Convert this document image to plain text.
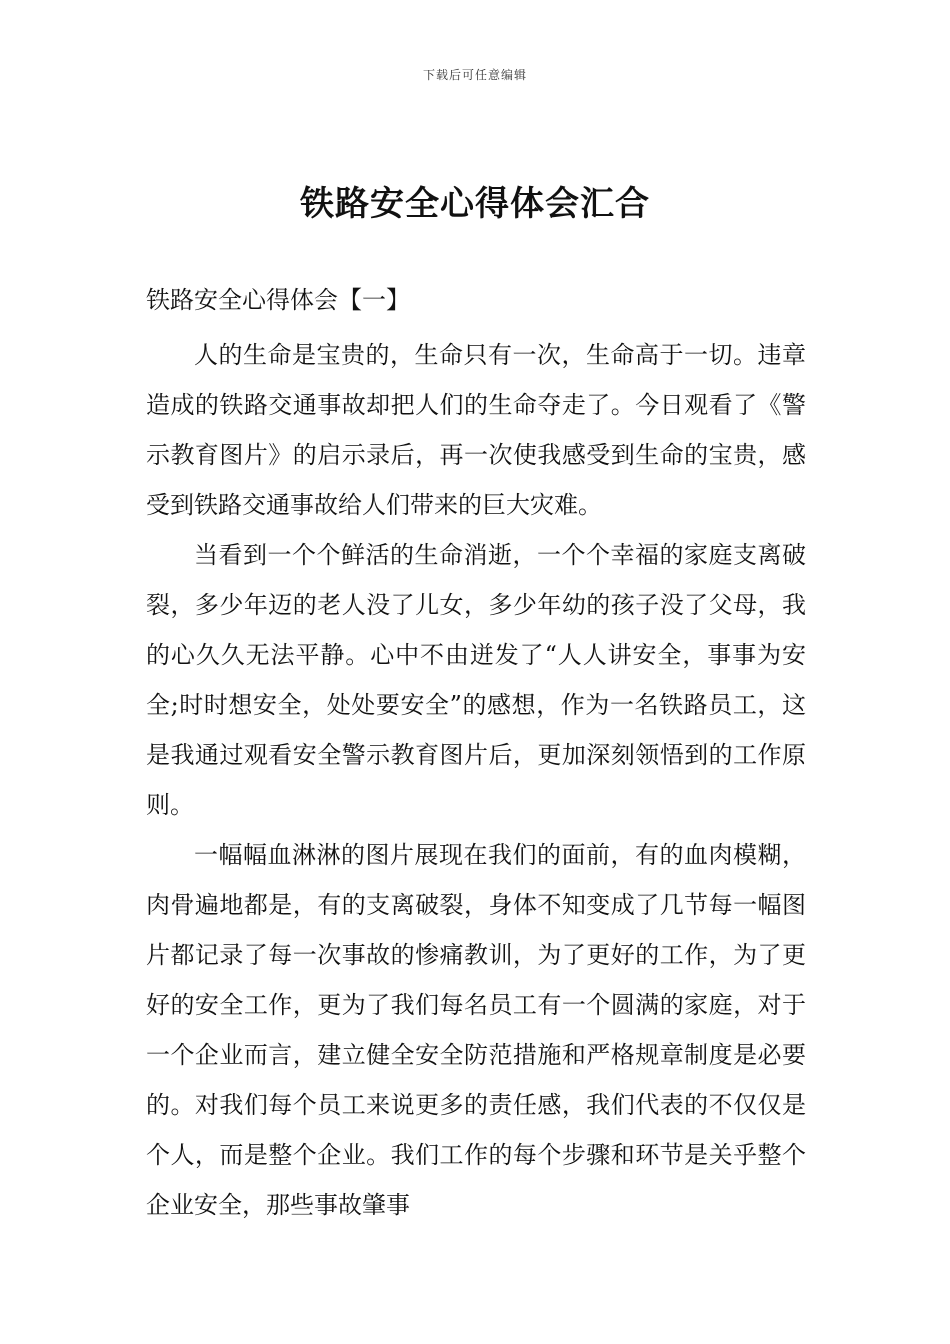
下载后可任意编辑
铁路安全心得体会汇合
铁路安全心得体会【一】

人的生命是宝贵的，生命只有一次，生命高于一切。违章造成的铁路交通事故却把人们的生命夺走了。今日观看了《警示教育图片》的启示录后，再一次使我感受到生命的宝贵，感受到铁路交通事故给人们带来的巨大灾难。

当看到一个个鲜活的生命消逝，一个个幸福的家庭支离破裂，多少年迈的老人没了儿女，多少年幼的孩子没了父母，我的心久久无法平静。心中不由迸发了“人人讲安全，事事为安全;时时想安全，处处要安全”的感想，作为一名铁路员工，这是我通过观看安全警示教育图片后，更加深刻领悟到的工作原则。

一幅幅血淋淋的图片展现在我们的面前，有的血肉模糊，肉骨遍地都是，有的支离破裂，身体不知变成了几节每一幅图片都记录了每一次事故的惨痛教训，为了更好的工作，为了更好的安全工作，更为了我们每名员工有一个圆满的家庭，对于一个企业而言，建立健全安全防范措施和严格规章制度是必要的。对我们每个员工来说更多的责任感，我们代表的不仅仅是个人，而是整个企业。我们工作的每个步骤和环节是关乎整个企业安全，那些事故肇事
